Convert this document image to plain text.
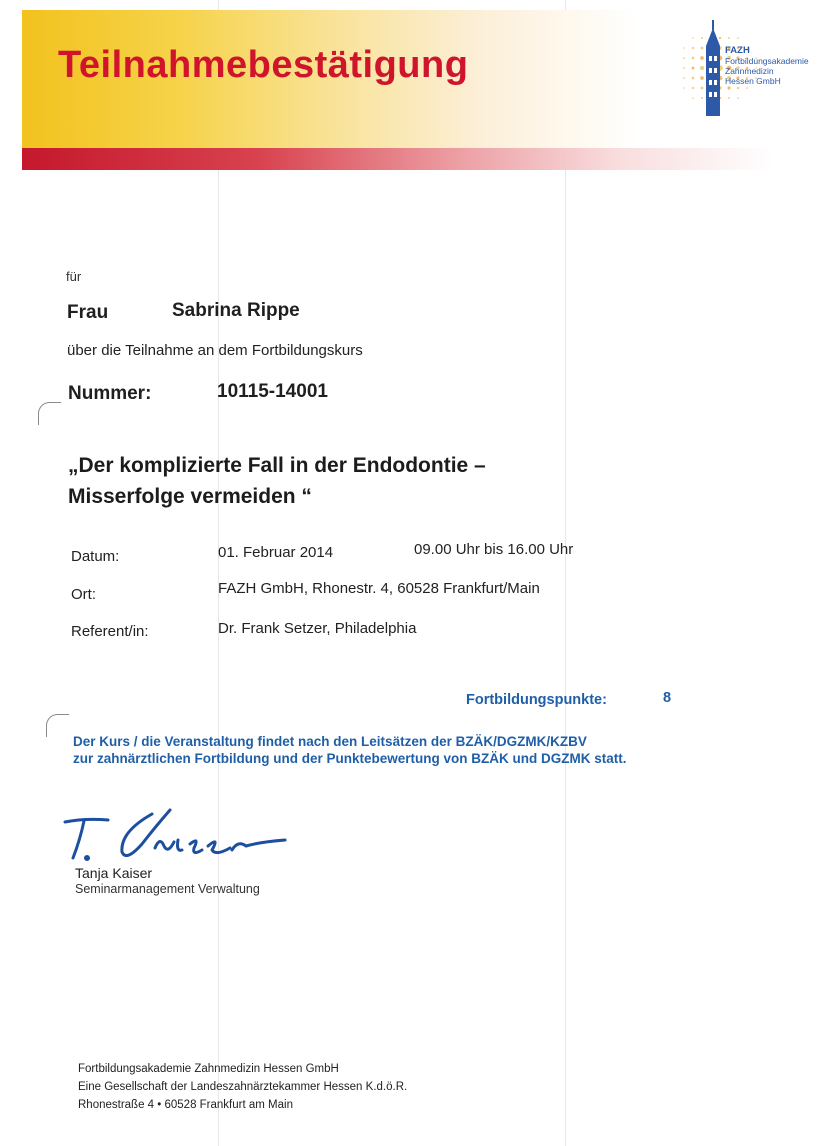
Teilnahmebestätigung	FAZH
Fortbildungsakademie
Zahnmedizin
Hessen GmbH
für
Frau	Sabrina Rippe
über die Teilnahme an dem Fortbildungskurs
Nummer:	10115-14001
„Der komplizierte Fall in der Endodontie –
Misserfolge vermeiden “
Datum:	01. Februar 2014	09.00 Uhr bis 16.00 Uhr
Ort:	FAZH GmbH, Rhonestr. 4, 60528 Frankfurt/Main
Referent/in:	Dr. Frank Setzer, Philadelphia
Fortbildungspunkte:	8
Der Kurs / die Veranstaltung findet nach den Leitsätzen der BZÄK/DGZMK/KZBV
zur zahnärztlichen Fortbildung und der Punktebewertung von BZÄK und DGZMK statt.
Tanja Kaiser
Seminarmanagement Verwaltung
Fortbildungsakademie Zahnmedizin Hessen GmbH
Eine Gesellschaft der Landeszahnärztekammer Hessen K.d.ö.R.
Rhonestraße 4 • 60528 Frankfurt am Main
